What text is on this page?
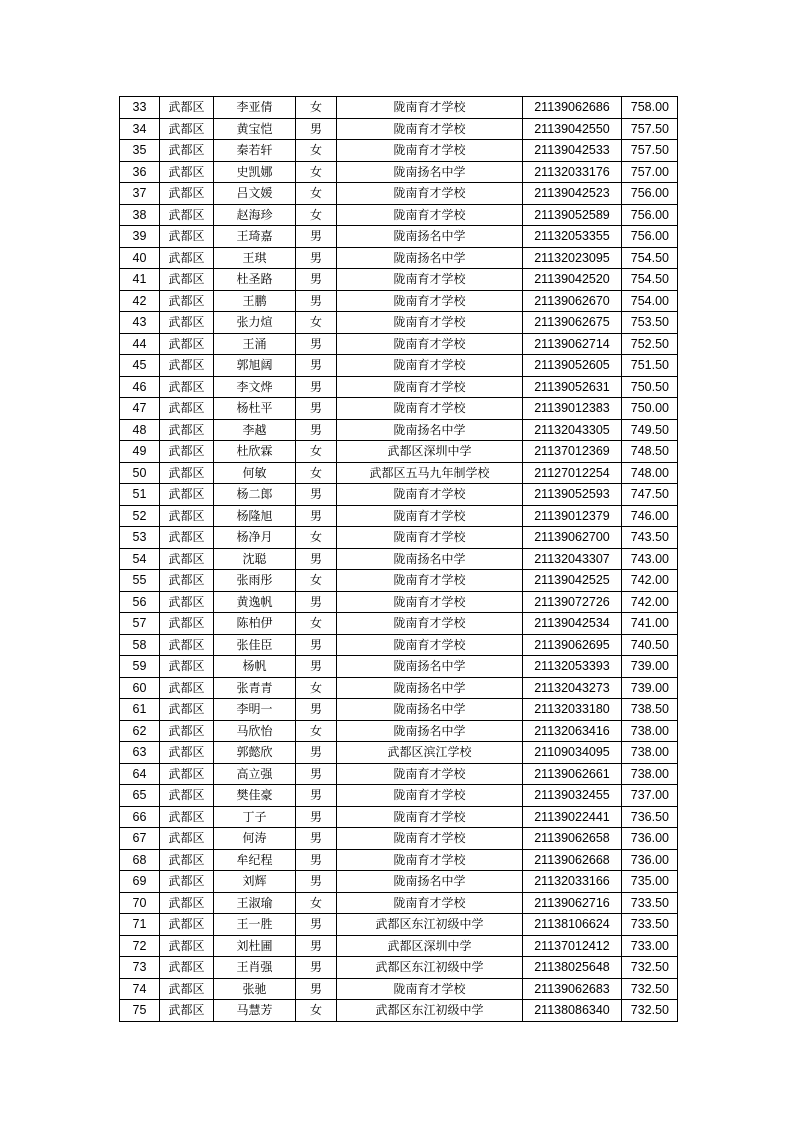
33	武都区	李亚倩	女	陇南育才学校	21139062686	758.00
34	武都区	黄宝恺	男	陇南育才学校	21139042550	757.50
35	武都区	秦若轩	女	陇南育才学校	21139042533	757.50
36	武都区	史凯娜	女	陇南扬名中学	21132033176	757.00
37	武都区	吕文媛	女	陇南育才学校	21139042523	756.00
38	武都区	赵海珍	女	陇南育才学校	21139052589	756.00
39	武都区	王琦嘉	男	陇南扬名中学	21132053355	756.00
40	武都区	王琪	男	陇南扬名中学	21132023095	754.50
41	武都区	杜圣路	男	陇南育才学校	21139042520	754.50
42	武都区	王鹏	男	陇南育才学校	21139062670	754.00
43	武都区	张力煊	女	陇南育才学校	21139062675	753.50
44	武都区	王涌	男	陇南育才学校	21139062714	752.50
45	武都区	郭旭阔	男	陇南育才学校	21139052605	751.50
46	武都区	李文烨	男	陇南育才学校	21139052631	750.50
47	武都区	杨杜平	男	陇南育才学校	21139012383	750.00
48	武都区	李越	男	陇南扬名中学	21132043305	749.50
49	武都区	杜欣霖	女	武都区深圳中学	21137012369	748.50
50	武都区	何敏	女	武都区五马九年制学校	21127012254	748.00
51	武都区	杨二郎	男	陇南育才学校	21139052593	747.50
52	武都区	杨隆旭	男	陇南育才学校	21139012379	746.00
53	武都区	杨净月	女	陇南育才学校	21139062700	743.50
54	武都区	沈聪	男	陇南扬名中学	21132043307	743.00
55	武都区	张雨彤	女	陇南育才学校	21139042525	742.00
56	武都区	黄逸帆	男	陇南育才学校	21139072726	742.00
57	武都区	陈柏伊	女	陇南育才学校	21139042534	741.00
58	武都区	张佳臣	男	陇南育才学校	21139062695	740.50
59	武都区	杨帆	男	陇南扬名中学	21132053393	739.00
60	武都区	张青青	女	陇南扬名中学	21132043273	739.00
61	武都区	李明一	男	陇南扬名中学	21132033180	738.50
62	武都区	马欣怡	女	陇南扬名中学	21132063416	738.00
63	武都区	郭懿欣	男	武都区滨江学校	21109034095	738.00
64	武都区	高立强	男	陇南育才学校	21139062661	738.00
65	武都区	樊佳豪	男	陇南育才学校	21139032455	737.00
66	武都区	丁子	男	陇南育才学校	21139022441	736.50
67	武都区	何涛	男	陇南育才学校	21139062658	736.00
68	武都区	牟纪程	男	陇南育才学校	21139062668	736.00
69	武都区	刘辉	男	陇南扬名中学	21132033166	735.00
70	武都区	王淑瑜	女	陇南育才学校	21139062716	733.50
71	武都区	王一胜	男	武都区东江初级中学	21138106624	733.50
72	武都区	刘杜圃	男	武都区深圳中学	21137012412	733.00
73	武都区	王肖强	男	武都区东江初级中学	21138025648	732.50
74	武都区	张驰	男	陇南育才学校	21139062683	732.50
75	武都区	马慧芳	女	武都区东江初级中学	21138086340	732.50
